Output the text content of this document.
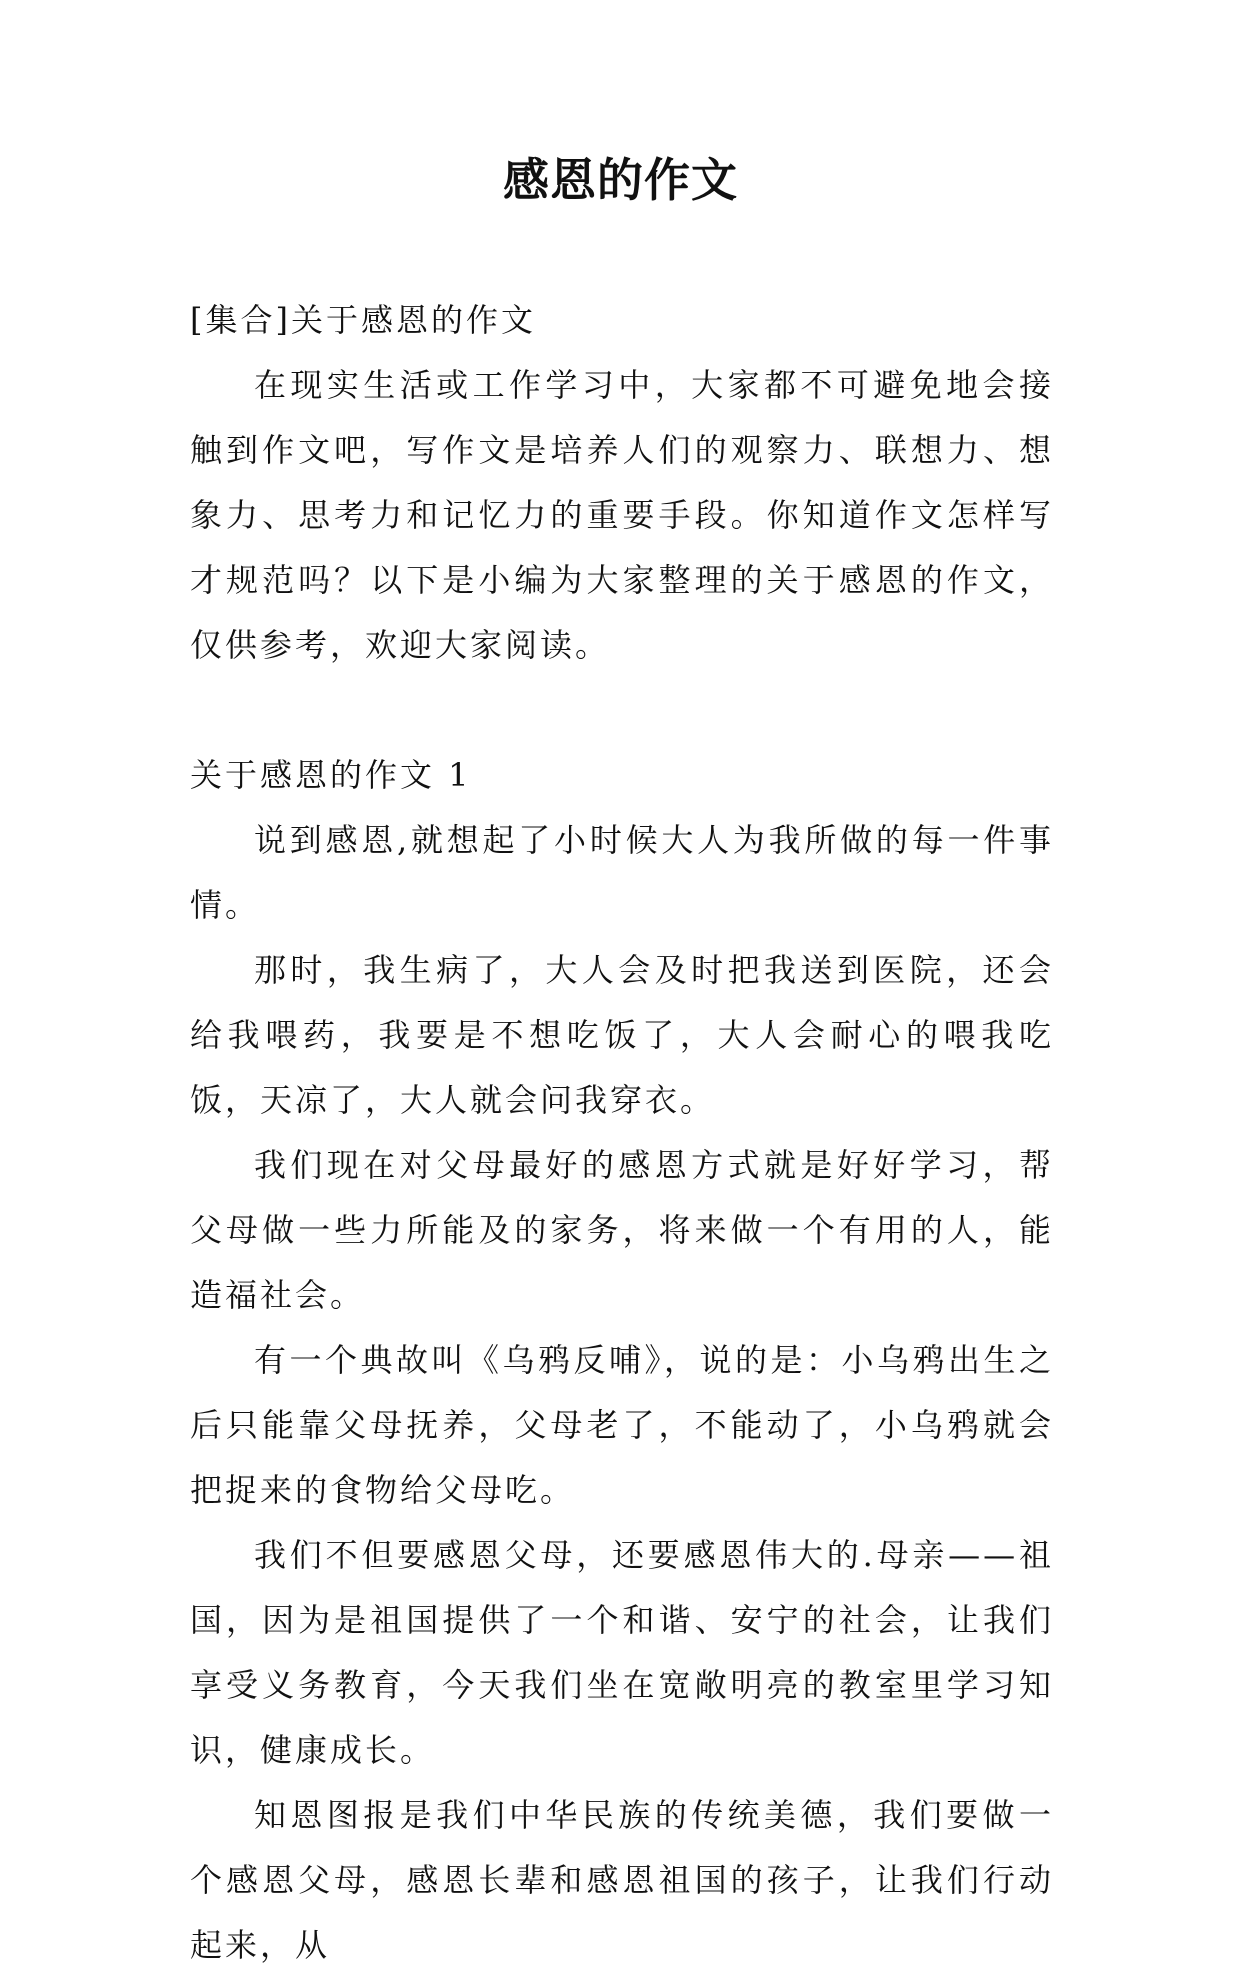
感恩的作文

[集合]关于感恩的作文

在现实生活或工作学习中，大家都不可避免地会接触到作文吧，写作文是培养人们的观察力、联想力、想象力、思考力和记忆力的重要手段。你知道作文怎样写才规范吗？以下是小编为大家整理的关于感恩的作文，仅供参考，欢迎大家阅读。

关于感恩的作文 1

说到感恩,就想起了小时候大人为我所做的每一件事情。

那时，我生病了，大人会及时把我送到医院，还会给我喂药，我要是不想吃饭了，大人会耐心的喂我吃饭，天凉了，大人就会问我穿衣。

我们现在对父母最好的感恩方式就是好好学习，帮父母做一些力所能及的家务，将来做一个有用的人，能造福社会。

有一个典故叫《乌鸦反哺》，说的是：小乌鸦出生之后只能靠父母抚养，父母老了，不能动了，小乌鸦就会把捉来的食物给父母吃。

我们不但要感恩父母，还要感恩伟大的.母亲——祖国，因为是祖国提供了一个和谐、安宁的社会，让我们享受义务教育，今天我们坐在宽敞明亮的教室里学习知识，健康成长。

知恩图报是我们中华民族的传统美德，我们要做一个感恩父母，感恩长辈和感恩祖国的孩子，让我们行动起来，从
